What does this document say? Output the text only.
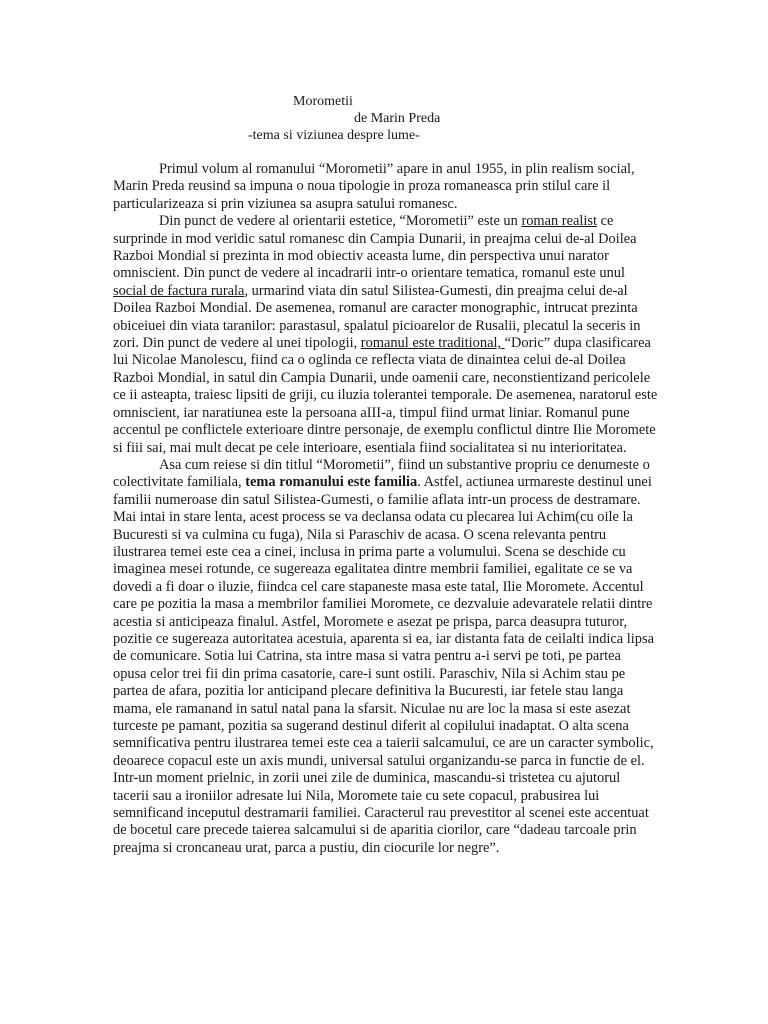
Morometii
de Marin Preda
-tema si viziunea despre lume-

Primul volum al romanului “Morometii” apare in anul 1955, in plin realism social, Marin Preda reusind sa impuna o noua tipologie in proza romaneasca prin stilul care il particularizeaza si prin viziunea sa asupra satului romanesc.

Din punct de vedere al orientarii estetice, “Morometii” este un roman realist ce surprinde in mod veridic satul romanesc din Campia Dunarii, in preajma celui de-al Doilea Razboi Mondial si prezinta in mod obiectiv aceasta lume, din perspectiva unui narator omniscient. Din punct de vedere al incadrarii intr-o orientare tematica, romanul este unul social de factura rurala, urmarind viata din satul Silistea-Gumesti, din preajma celui de-al Doilea Razboi Mondial. De asemenea, romanul are caracter monographic, intrucat prezinta obiceiuei din viata taranilor: parastasul, spalatul picioarelor de Rusalii, plecatul la seceris in zori. Din punct de vedere al unei tipologii, romanul este traditional, “Doric” dupa clasificarea lui Nicolae Manolescu, fiind ca o oglinda ce reflecta viata de dinaintea celui de-al Doilea Razboi Mondial, in satul din Campia Dunarii, unde oamenii care, neconstientizand pericolele ce ii asteapta, traiesc lipsiti de griji, cu iluzia tolerantei temporale. De asemenea, naratorul este omniscient, iar naratiunea este la persoana aIII-a, timpul fiind urmat liniar. Romanul pune accentul pe conflictele exterioare dintre personaje, de exemplu conflictul dintre Ilie Moromete si fiii sai, mai mult decat pe cele interioare, esentiala fiind socialitatea si nu interioritatea.

Asa cum reiese si din titlul “Morometii”, fiind un substantive propriu ce denumeste o colectivitate familiala, tema romanului este familia. Astfel, actiunea urmareste destinul unei familii numeroase din satul Silistea-Gumesti, o familie aflata intr-un process de destramare. Mai intai in stare lenta, acest process se va declansa odata cu plecarea lui Achim(cu oile la Bucuresti si va culmina cu fuga), Nila si Paraschiv de acasa. O scena relevanta pentru ilustrarea temei este cea a cinei, inclusa in prima parte a volumului. Scena se deschide cu imaginea mesei rotunde, ce sugereaza egalitatea dintre membrii familiei, egalitate ce se va dovedi a fi doar o iluzie, fiindca cel care stapaneste masa este tatal, Ilie Moromete. Accentul care pe pozitia la masa a membrilor familiei Moromete, ce dezvaluie adevaratele relatii dintre acestia si anticipeaza finalul. Astfel, Moromete e asezat pe prispa, parca deasupra tuturor, pozitie ce sugereaza autoritatea acestuia, aparenta si ea, iar distanta fata de ceilalti indica lipsa de comunicare. Sotia lui Catrina, sta intre masa si vatra pentru a-i servi pe toti, pe partea opusa celor trei fii din prima casatorie, care-i sunt ostili. Paraschiv, Nila si Achim stau pe partea de afara, pozitia lor anticipand plecare definitiva la Bucuresti, iar fetele stau langa mama, ele ramanand in satul natal pana la sfarsit. Niculae nu are loc la masa si este asezat turceste pe pamant, pozitia sa sugerand destinul diferit al copilului inadaptat. O alta scena semnificativa pentru ilustrarea temei este cea a taierii salcamului, ce are un caracter symbolic, deoarece copacul este un axis mundi, universal satului organizandu-se parca in functie de el. Intr-un moment prielnic, in zorii unei zile de duminica, mascandu-si tristetea cu ajutorul tacerii sau a ironiilor adresate lui Nila, Moromete taie cu sete copacul, prabusirea lui semnificand inceputul destramarii familiei. Caracterul rau prevestitor al scenei este accentuat de bocetul care precede taierea salcamului si de aparitia ciorilor, care “dadeau tarcoale prin preajma si croncaneau urat, parca a pustiu, din ciocurile lor negre”.
